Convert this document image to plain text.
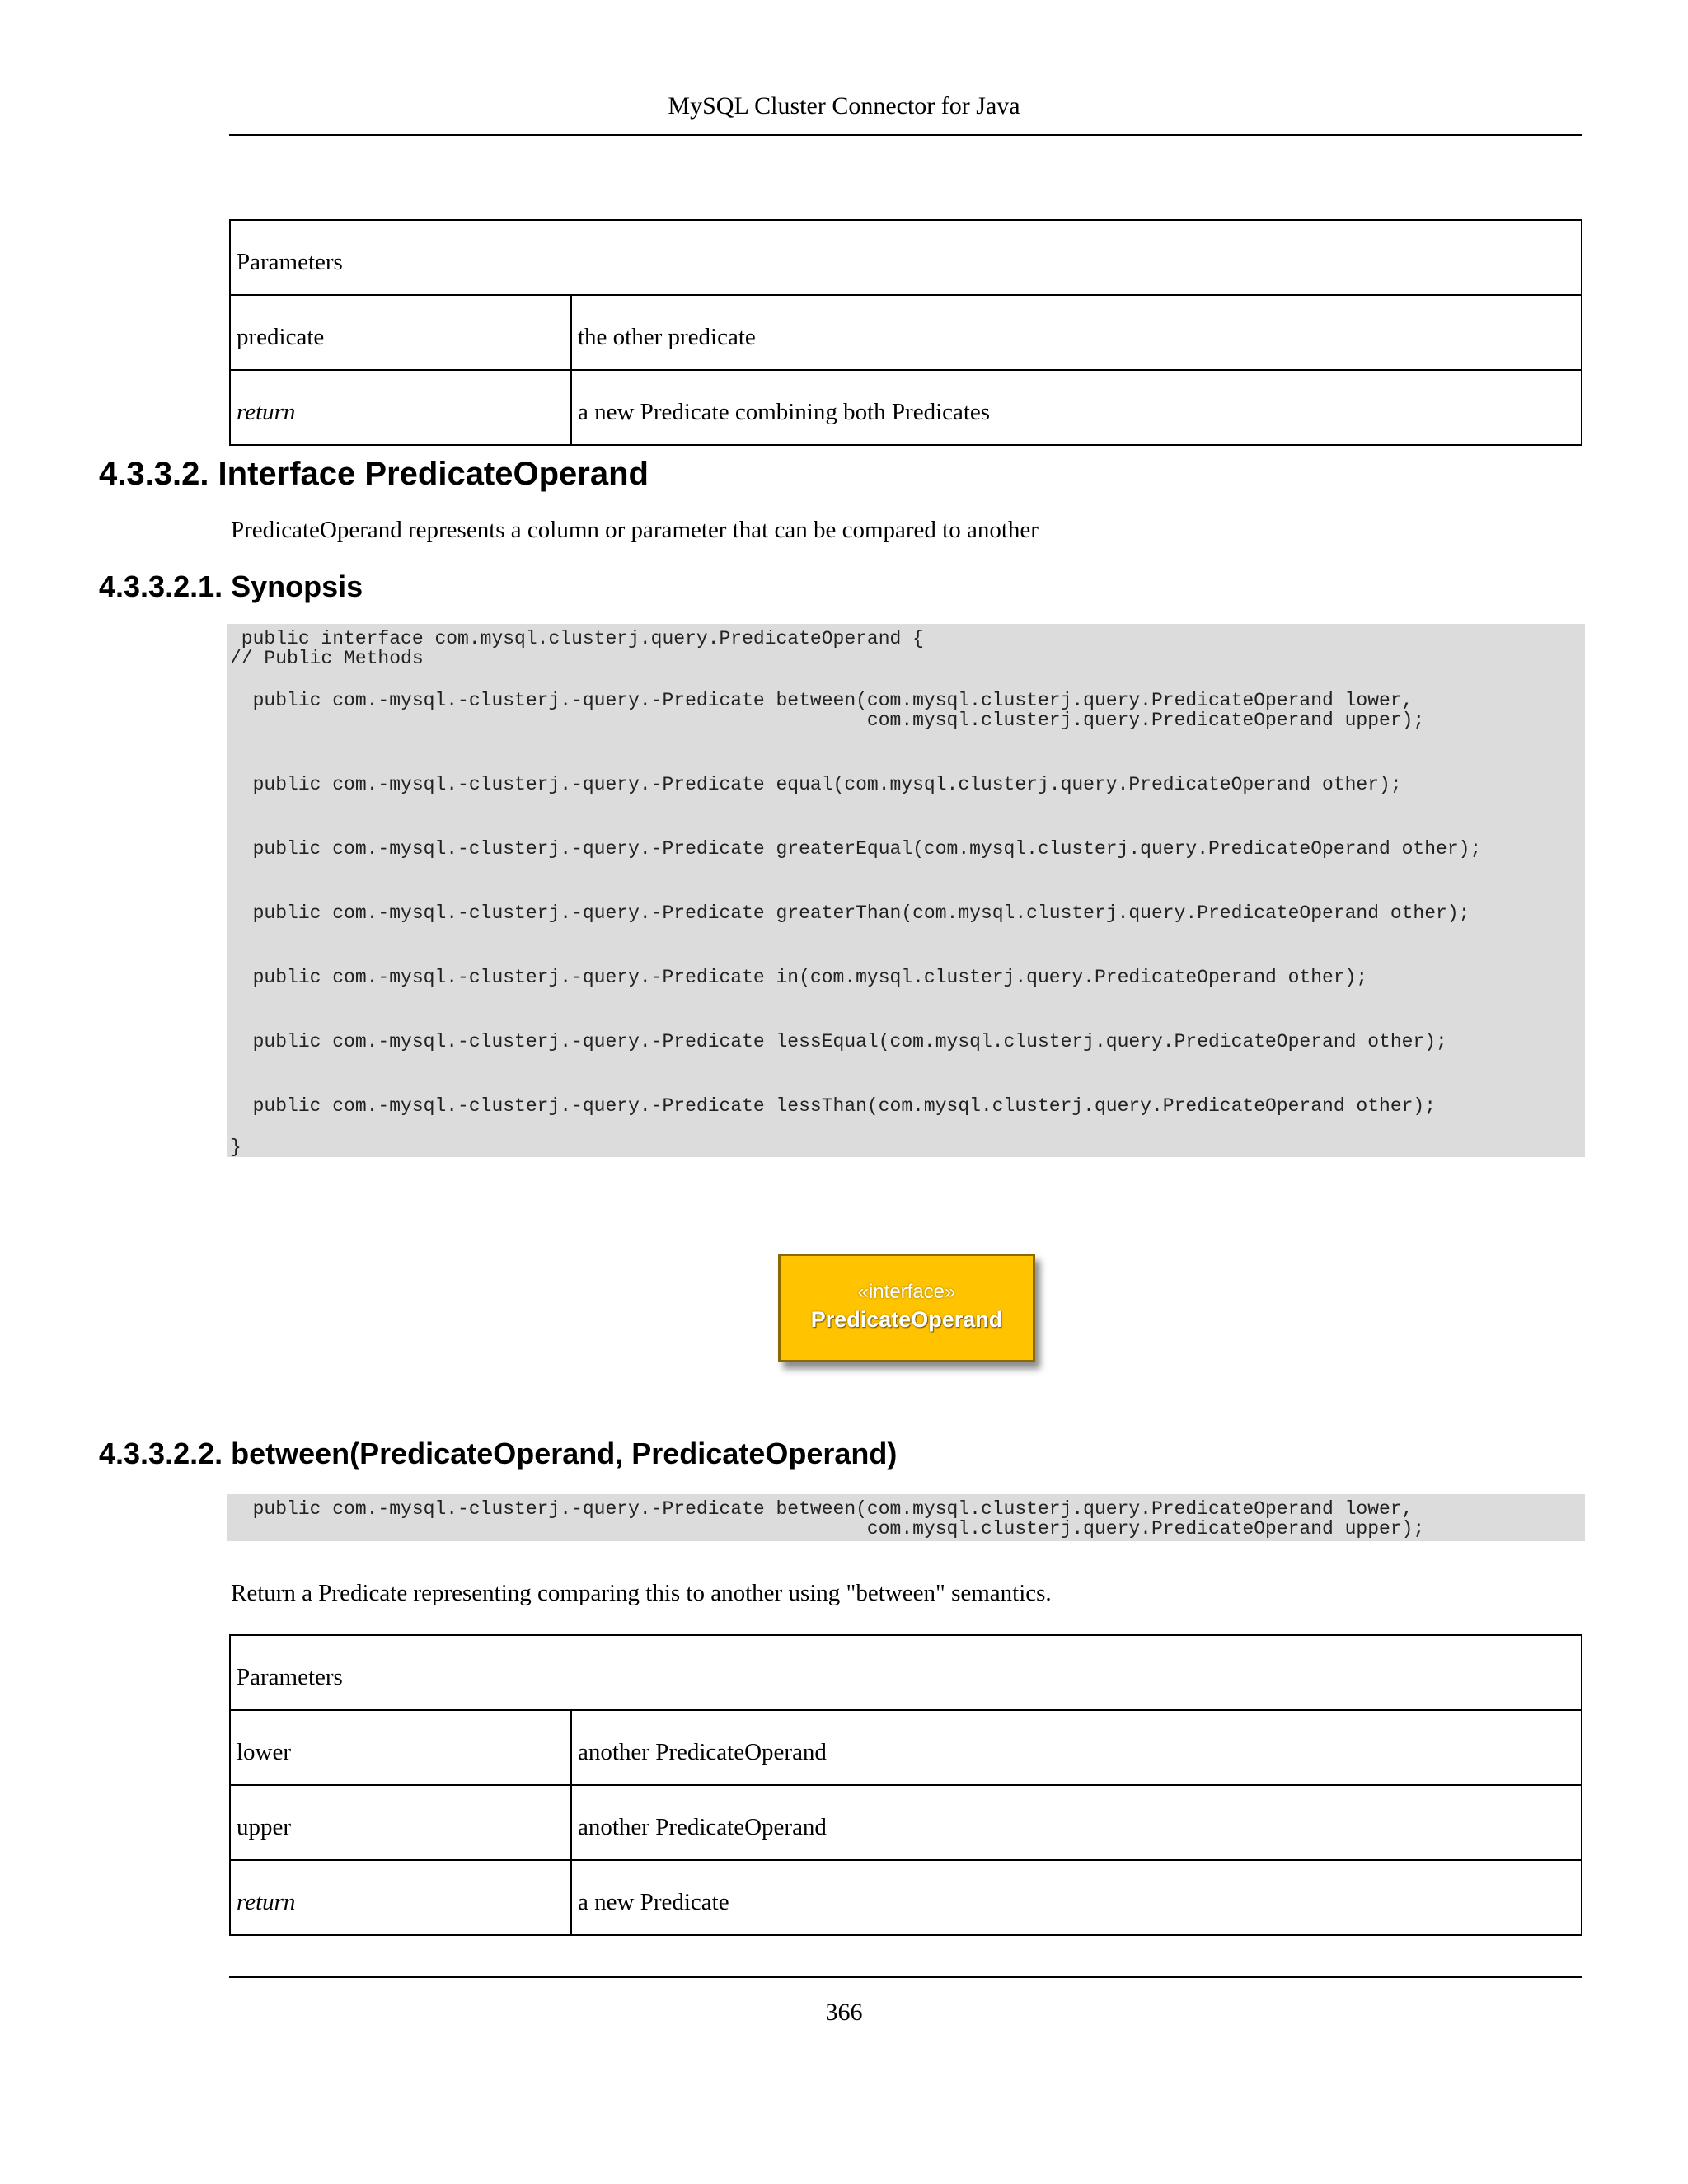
MySQL Cluster Connector for Java
Parameters	
predicate	the other predicate
return	a new Predicate combining both Predicates
4.3.3.2. Interface PredicateOperand
PredicateOperand represents a column or parameter that can be compared to another
4.3.3.2.1. Synopsis
public interface com.mysql.clusterj.query.PredicateOperand {
// Public Methods
public com.-mysql.-clusterj.-query.-Predicate between(com.mysql.clusterj.query.PredicateOperand lower,
com.mysql.clusterj.query.PredicateOperand upper);
public com.-mysql.-clusterj.-query.-Predicate equal(com.mysql.clusterj.query.PredicateOperand other);
public com.-mysql.-clusterj.-query.-Predicate greaterEqual(com.mysql.clusterj.query.PredicateOperand other);
public com.-mysql.-clusterj.-query.-Predicate greaterThan(com.mysql.clusterj.query.PredicateOperand other);
public com.-mysql.-clusterj.-query.-Predicate in(com.mysql.clusterj.query.PredicateOperand other);
public com.-mysql.-clusterj.-query.-Predicate lessEqual(com.mysql.clusterj.query.PredicateOperand other);
public com.-mysql.-clusterj.-query.-Predicate lessThan(com.mysql.clusterj.query.PredicateOperand other);
}
«interface»
PredicateOperand
4.3.3.2.2. between(PredicateOperand, PredicateOperand)
public com.-mysql.-clusterj.-query.-Predicate between(com.mysql.clusterj.query.PredicateOperand lower,
com.mysql.clusterj.query.PredicateOperand upper);
Return a Predicate representing comparing this to another using "between" semantics.
Parameters	
lower	another PredicateOperand
upper	another PredicateOperand
return	a new Predicate
366
